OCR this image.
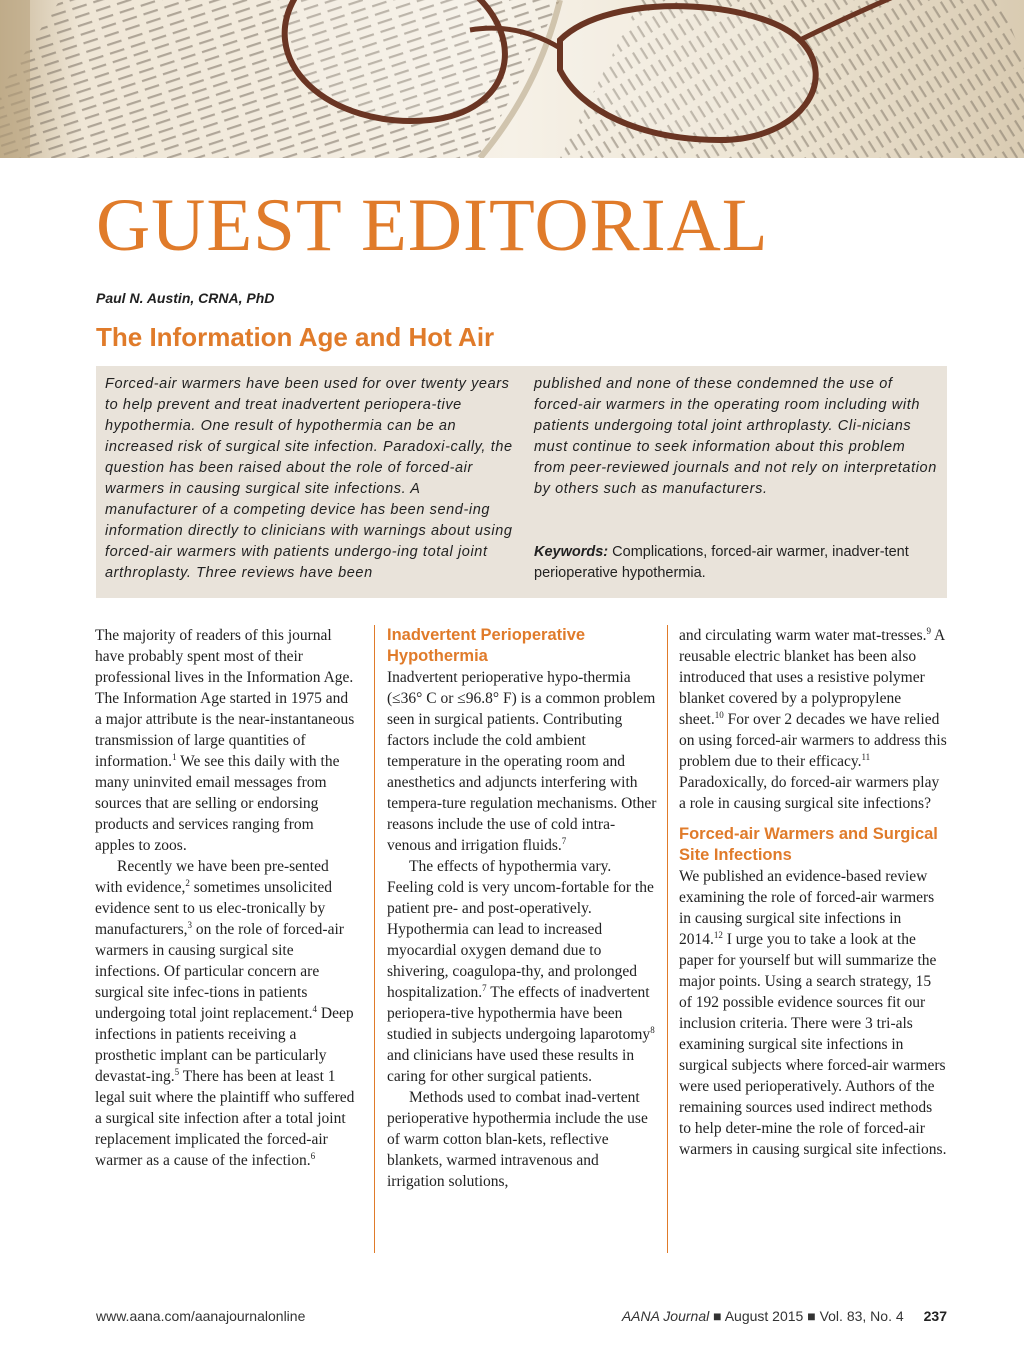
GUEST EDITORIAL
Paul N. Austin, CRNA, PhD
The Information Age and Hot Air
Forced-air warmers have been used for over twenty years to help prevent and treat inadvertent periopera-tive hypothermia. One result of hypothermia can be an increased risk of surgical site infection. Paradoxi-cally, the question has been raised about the role of forced-air warmers in causing surgical site infections. A manufacturer of a competing device has been send-ing information directly to clinicians with warnings about using forced-air warmers with patients undergo-ing total joint arthroplasty. Three reviews have been
published and none of these condemned the use of forced-air warmers in the operating room including with patients undergoing total joint arthroplasty. Cli-nicians must continue to seek information about this problem from peer-reviewed journals and not rely on interpretation by others such as manufacturers.
Keywords: Complications, forced-air warmer, inadver-tent perioperative hypothermia.

The majority of readers of this journal have probably spent most of their professional lives in the Information Age. The Information Age started in 1975 and a major attribute is the near-instantaneous transmission of large quantities of information.$^1$ We see this daily with the many uninvited email messages from sources that are selling or endorsing products and services ranging from apples to zoos.

Recently we have been pre-sented with evidence,$^2$ sometimes unsolicited evidence sent to us elec-tronically by manufacturers,$^3$ on the role of forced-air warmers in causing surgical site infections. Of particular concern are surgical site infec-tions in patients undergoing total joint replacement.$^4$ Deep infections in patients receiving a prosthetic implant can be particularly devastat-ing.$^5$ There has been at least 1 legal suit where the plaintiff who suffered a surgical site infection after a total joint replacement implicated the forced-air warmer as a cause of the infection.$^6$

Inadvertent Perioperative Hypothermia

Inadvertent perioperative hypo-thermia (≤36° C or ≤96.8° F) is a common problem seen in surgical patients. Contributing factors include the cold ambient temperature in the operating room and anesthetics and adjuncts interfering with tempera-ture regulation mechanisms. Other reasons include the use of cold intra-venous and irrigation fluids.$^7$

The effects of hypothermia vary. Feeling cold is very uncom-fortable for the patient pre- and post-operatively. Hypothermia can lead to increased myocardial oxygen demand due to shivering, coagulopa-thy, and prolonged hospitalization.$^7$ The effects of inadvertent periopera-tive hypothermia have been studied in subjects undergoing laparotomy$^8$ and clinicians have used these results in caring for other surgical patients.

Methods used to combat inad-vertent perioperative hypothermia include the use of warm cotton blan-kets, reflective blankets, warmed intravenous and irrigation solutions,

and circulating warm water mat-tresses.$^9$ A reusable electric blanket has been also introduced that uses a resistive polymer blanket covered by a polypropylene sheet.$^{10}$ For over 2 decades we have relied on using forced-air warmers to address this problem due to their efficacy.$^{11}$ Paradoxically, do forced-air warmers play a role in causing surgical site infections?

Forced-air Warmers and Surgical Site Infections

We published an evidence-based review examining the role of forced-air warmers in causing surgical site infections in 2014.12 I urge you to take a look at the paper for yourself but will summarize the major points. Using a search strategy, 15 of 192 possible evidence sources fit our inclusion criteria. There were 3 tri-als examining surgical site infections in surgical subjects where forced-air warmers were used perioperatively. Authors of the remaining sources used indirect methods to help deter-mine the role of forced-air warmers in causing surgical site infections.

www.aana.com/aanajournalonline	AANA Journal ■ August 2015 ■ Vol. 83, No. 4 237
